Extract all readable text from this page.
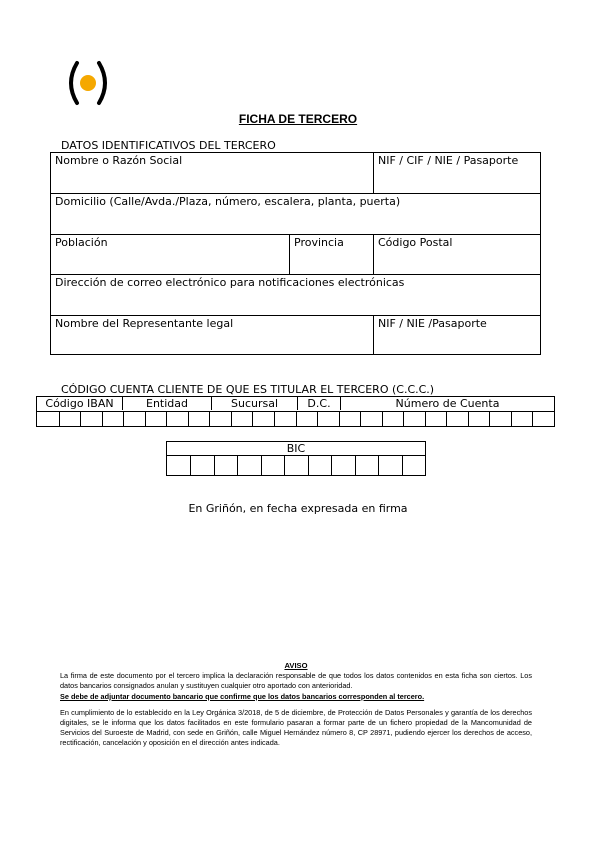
FICHA DE TERCERO
DATOS IDENTIFICATIVOS DEL TERCERO
Nombre o Razón Social	NIF / CIF / NIE / Pasaporte
Domicilio (Calle/Avda./Plaza, número, escalera, planta, puerta)
Población	Provincia	Código Postal
Dirección de correo electrónico para notificaciones electrónicas
Nombre del Representante legal	NIF / NIE /Pasaporte
CÓDIGO CUENTA CLIENTE DE QUE ES TITULAR EL TERCERO (C.C.C.)
Código IBAN	Entidad	Sucursal	D.C.	Número de Cuenta
BIC
En Griñón, en fecha expresada en firma

AVISO

La firma de este documento por el tercero implica la declaración responsable de que todos los datos contenidos en esta ficha son ciertos. Los datos bancarios consignados anulan y sustituyen cualquier otro aportado con anterioridad.

Se debe de adjuntar documento bancario que confirme que los datos bancarios corresponden al tercero.

En cumplimiento de lo establecido en la Ley Orgánica 3/2018, de 5 de diciembre, de Protección de Datos Personales y garantía de los derechos digitales, se le informa que los datos facilitados en este formulario pasaran a formar parte de un fichero propiedad de la Mancomunidad de Servicios del Suroeste de Madrid, con sede en Griñón, calle Miguel Hernández número 8, CP 28971, pudiendo ejercer los derechos de acceso, rectificación, cancelación y oposición en el dirección antes indicada.
